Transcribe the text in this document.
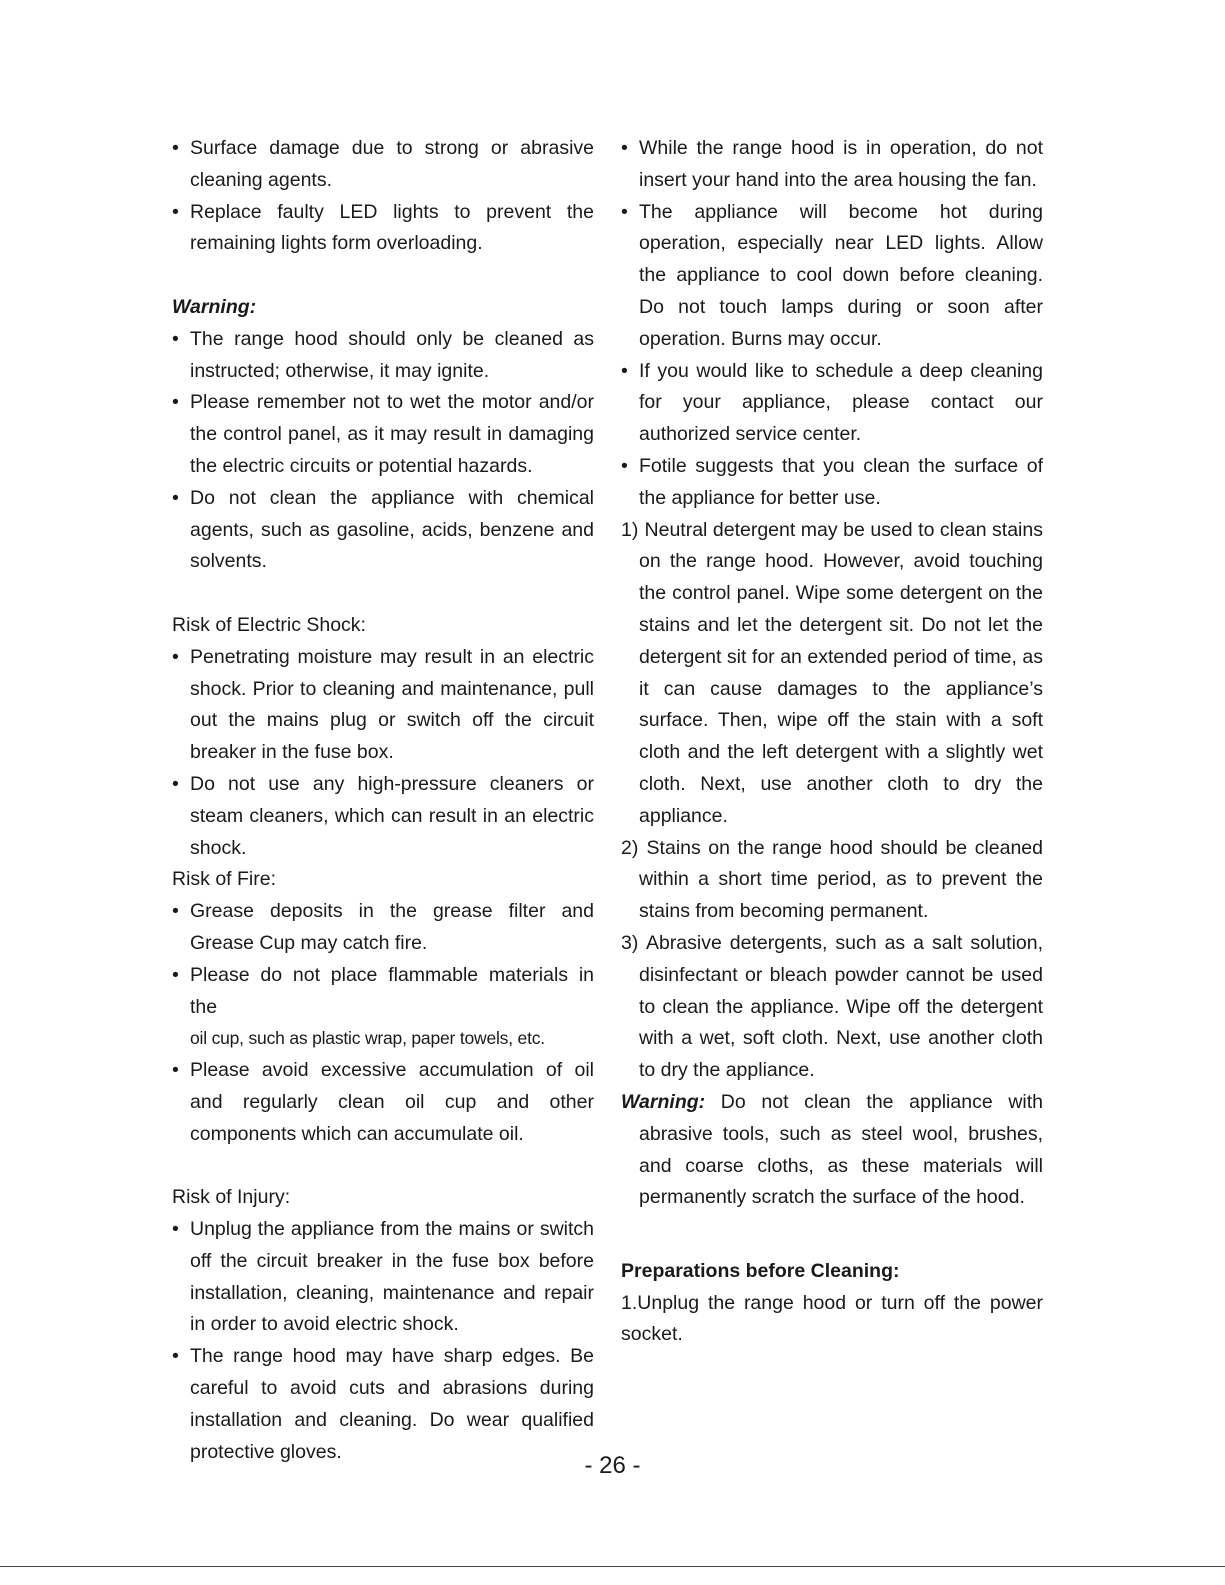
• Surface damage due to strong or abrasive cleaning agents.

• Replace faulty LED lights to prevent the remaining lights form overloading.

Warning:

• The range hood should only be cleaned as instructed; otherwise, it may ignite.

• Please remember not to wet the motor and/or the control panel, as it may result in damaging the electric circuits or potential hazards.

• Do not clean the appliance with chemical agents, such as gasoline, acids, benzene and solvents.

Risk of Electric Shock:

• Penetrating moisture may result in an electric shock. Prior to cleaning and maintenance, pull out the mains plug or switch off the circuit breaker in the fuse box.

• Do not use any high-pressure cleaners or steam cleaners, which can result in an electric shock.

Risk of Fire:

• Grease deposits in the grease filter and Grease Cup may catch fire.

• Please do not place flammable materials in the
oil cup, such as plastic wrap, paper towels, etc.

• Please avoid excessive accumulation of oil and regularly clean oil cup and other components which can accumulate oil.

Risk of Injury:

• Unplug the appliance from the mains or switch off the circuit breaker in the fuse box before installation, cleaning, maintenance and repair in order to avoid electric shock.

• The range hood may have sharp edges. Be careful to avoid cuts and abrasions during installation and cleaning. Do wear qualified protective gloves.

• While the range hood is in operation, do not insert your hand into the area housing the fan.

• The appliance will become hot during operation, especially near LED lights. Allow the appliance to cool down before cleaning. Do not touch lamps during or soon after operation. Burns may occur.

• If you would like to schedule a deep cleaning for your appliance, please contact our authorized service center.

• Fotile suggests that you clean the surface of the appliance for better use.

1) Neutral detergent may be used to clean stains on the range hood. However, avoid touching the control panel. Wipe some detergent on the stains and let the detergent sit. Do not let the detergent sit for an extended period of time, as it can cause damages to the appliance’s surface. Then, wipe off the stain with a soft cloth and the left detergent with a slightly wet cloth. Next, use another cloth to dry the appliance.

2) Stains on the range hood should be cleaned within a short time period, as to prevent the stains from becoming permanent.

3) Abrasive detergents, such as a salt solution, disinfectant or bleach powder cannot be used to clean the appliance. Wipe off the detergent with a wet, soft cloth. Next, use another cloth to dry the appliance.

Warning: Do not clean the appliance with abrasive tools, such as steel wool, brushes, and coarse cloths, as these materials will permanently scratch the surface of the hood.

Preparations before Cleaning:

1.Unplug the range hood or turn off the power socket.

- 26 -
